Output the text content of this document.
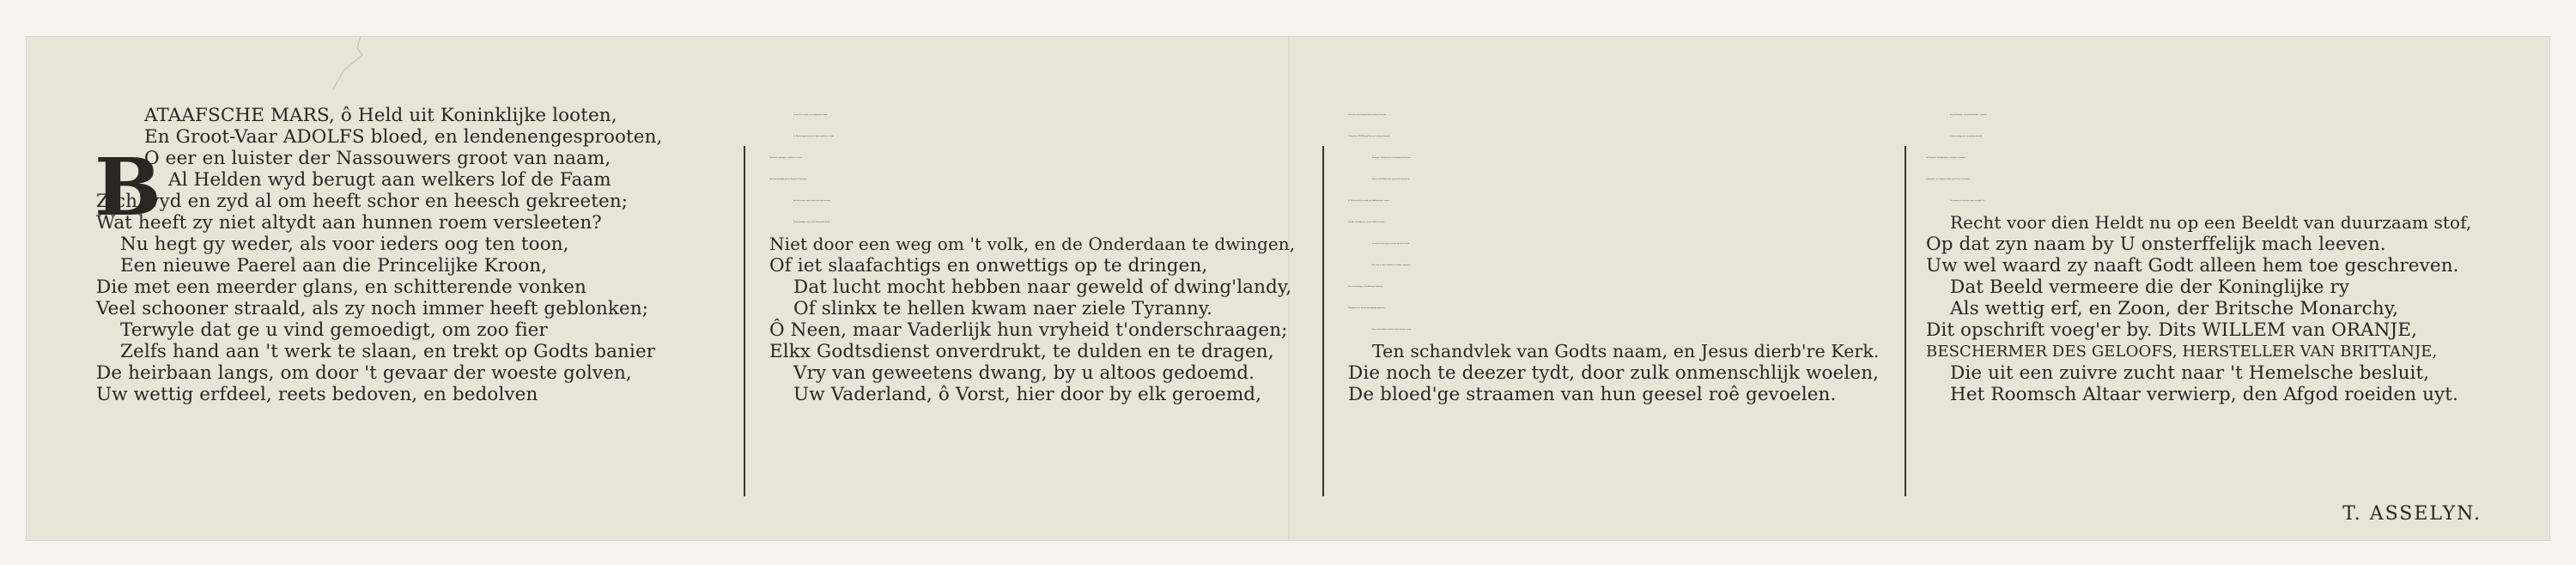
B
ATAAFSCHE MARS, ô Held uit Koninklijke looten,
En Groot-Vaar ADOLFS bloed, en lendenengesprooten,
O eer en luister der Nassouwers groot van naam,
Al Helden wyd berugt aan welkers lof de Faam
Zich wyd en zyd al om heeft schor en heesch gekreeten;
Wat heeft zy niet altydt aan hunnen roem versleeten?
Nu hegt gy weder, als voor ieders oog ten toon,
Een nieuwe Paerel aan die Princelijke Kroon,
Die met een meerder glans, en schitterende vonken
Veel schooner straald, als zy noch immer heeft geblonken;
Terwyle dat ge u vind gemoedigt, om zoo fier
Zelfs hand aan 't werk te slaan, en trekt op Godts banier
De heirbaan langs, om door 't gevaar der woeste golven,
Uw wettig erfdeel, reets bedoven, en bedolven
In eene Zee van mist, en eeuwig misverstandt,
De Wetten lang vertreen, den Staat van Kerk en Landt,
Ten uiterste gedreigd, te redden en te vryen
Van t'onverdraaglijk jok, der Roomsche Slavernyen;
Dat uit een oude wrok en haat noch wrijt en wroet,
Op uw doorlugte stam, en het Nassousche bloedt.
Niet door een weg om 't volk, en de Onderdaan te dwingen,
Of iet slaafachtigs en onwettigs op te dringen,
Dat lucht mocht hebben naar geweld of dwing'landy,
Of slinkx te hellen kwam naer ziele Tyranny.
Ô Neen, maar Vaderlijk hun vryheid t'onderschraagen;
Elkx Godtsdienst onverdrukt, te dulden en te dragen,
Vry van geweetens dwang, by u altoos gedoemd.
Uw Vaderland, ô Vorst, hier door by elk geroemd,
Heeft dat vervloekt gedrocht bestreden t'allen tyde,
U Groot-Vaar WILLEM gord' hier om het Swaerd op zyde,
En gespte 't Harnasch aan tot demping van die pest.
Wanneer dat Monster hier zyn wort'len had gevest;
De Hulk van Staat in noodt vast dobberde op de baaren,
Om Alba, Neerlants roe, in zyne Schild te vaaren;
Te stuiten in zyn loop, en vaardt, dien Aerts Tyran.
Weg, weg, met dit vervloekte en heiloos eed gespan,
Van wreede Pynigers, Bloeddorstige Soldaaten,
Dragonders heet op roof, moorddaadig uitgelaaten,
Waar van de nabuur noch het teeken draagt en merk,
Ten schandvlek van Godts naam, en Jesus dierb're Kerk.
Die noch te deezer tydt, door zulk onmenschlijk woelen,
De bloed'ge straamen van hun geesel roê gevoelen.
En gy Brittanners, die geworsteld door 't geweld,
U zelven vind geredt, en wederom hersteldt,
Van Roomsche dienstbaarheid, en ketenen en banden.
Schep moed, uw' Schipvaart bloei op alle Zeen en Stranden,
En stroomen als voor heen, met een gelijke lof.
Recht voor dien Heldt nu op een Beeldt van duurzaam stof,
Op dat zyn naam by U onsterffelijk mach leeven.
Uw wel waard zy naaft Godt alleen hem toe geschreven.
Dat Beeld vermeere die der Koninglijke ry
Als wettig erf, en Zoon, der Britsche Monarchy,
Dit opschrift voeg'er by. Dits WILLEM van ORANJE,
BESCHERMER DES GELOOFS, HERSTELLER VAN BRITTANJE,
Die uit een zuivre zucht naar 't Hemelsche besluit,
Het Roomsch Altaar verwierp, den Afgod roeiden uyt.
T. ASSELYN.
